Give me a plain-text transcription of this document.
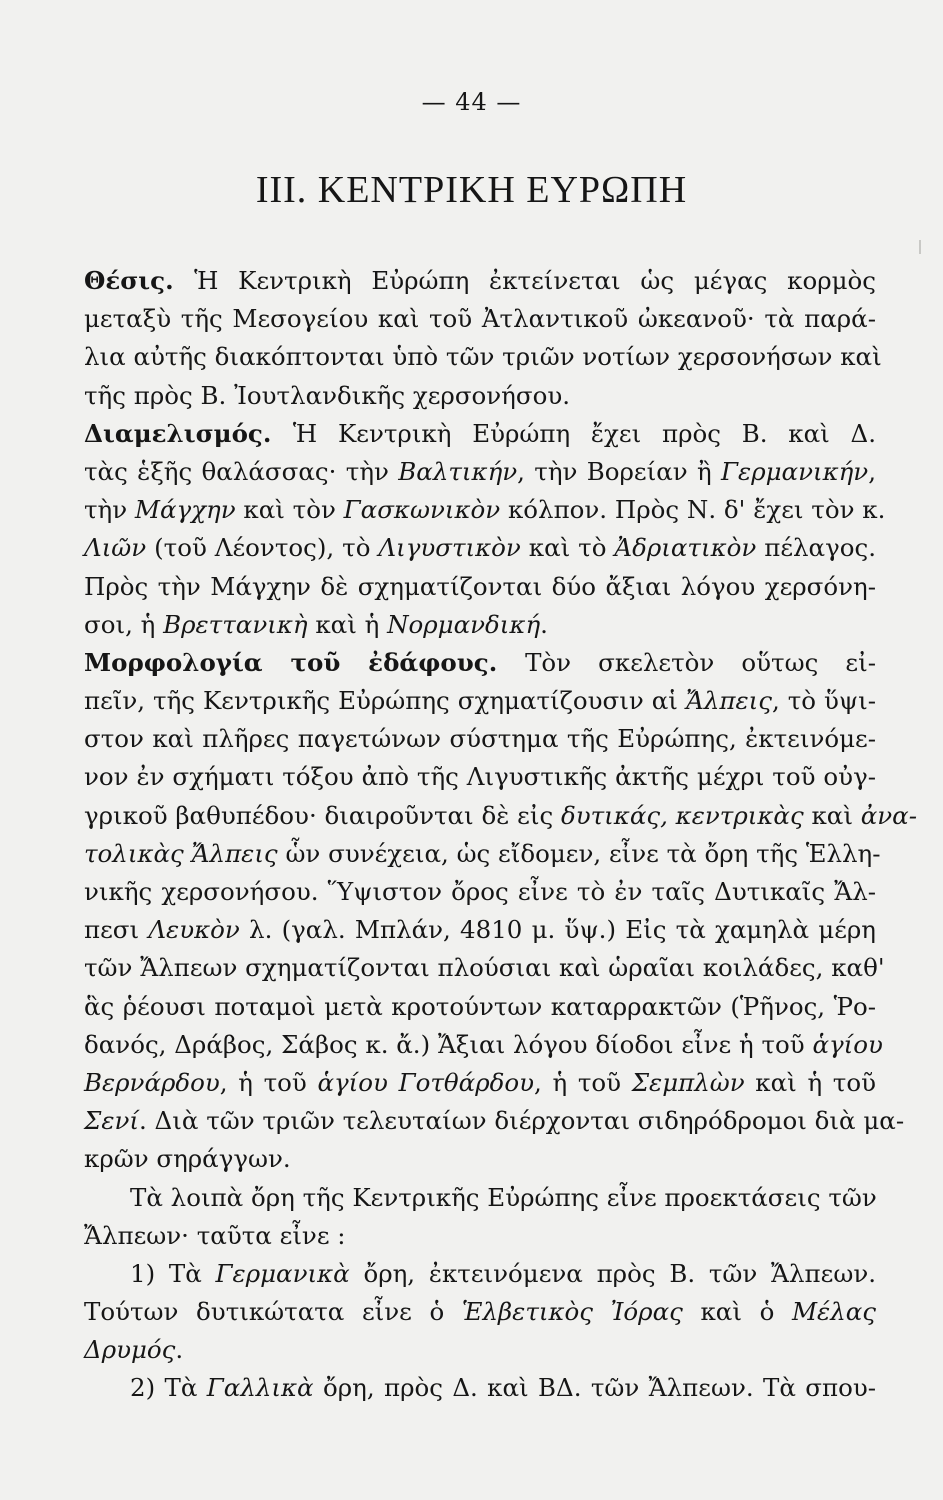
— 44 —
III. ΚΕΝΤΡΙΚΗ ΕΥΡΩΠΗ
Θέσις. Ἡ Κεντρικὴ Εὐρώπη ἐκτείνεται ὡς μέγας κορμὸς
μεταξὺ τῆς Μεσογείου καὶ τοῦ Ἀτλαντικοῦ ὠκεανοῦ· τὰ παρά-
λια αὐτῆς διακόπτονται ὑπὸ τῶν τριῶν νοτίων χερσονήσων καὶ
τῆς πρὸς Β. Ἰουτλανδικῆς χερσονήσου.
Διαμελισμός. Ἡ Κεντρικὴ Εὐρώπη ἔχει πρὸς Β. καὶ Δ.
τὰς ἑξῆς θαλάσσας· τὴν Βαλτικήν, τὴν Βορείαν ἢ Γερμανικήν,
τὴν Μάγχην καὶ τὸν Γασκωνικὸν κόλπον. Πρὸς Ν. δ' ἔχει τὸν κ.
Λιῶν (τοῦ Λέοντος), τὸ Λιγυστικὸν καὶ τὸ Ἀδριατικὸν πέλαγος.
Πρὸς τὴν Μάγχην δὲ σχηματίζονται δύο ἄξιαι λόγου χερσόνη-
σοι, ἡ Βρεττανικὴ καὶ ἡ Νορμανδική.
Μορφολογία τοῦ ἐδάφους. Τὸν σκελετὸν οὕτως εἰ-
πεῖν, τῆς Κεντρικῆς Εὐρώπης σχηματίζουσιν αἱ Ἄλπεις, τὸ ὕψι-
στον καὶ πλῆρες παγετώνων σύστημα τῆς Εὐρώπης, ἐκτεινόμε-
νον ἐν σχήματι τόξου ἀπὸ τῆς Λιγυστικῆς ἀκτῆς μέχρι τοῦ οὐγ-
γρικοῦ βαθυπέδου· διαιροῦνται δὲ εἰς δυτικάς, κεντρικὰς καὶ ἀνα-
τολικὰς Ἄλπεις ὧν συνέχεια, ὡς εἴδομεν, εἶνε τὰ ὄρη τῆς Ἑλλη-
νικῆς χερσονήσου. Ὕψιστον ὄρος εἶνε τὸ ἐν ταῖς Δυτικαῖς Ἄλ-
πεσι Λευκὸν λ. (γαλ. Μπλάν, 4810 μ. ὕψ.) Εἰς τὰ χαμηλὰ μέρη
τῶν Ἄλπεων σχηματίζονται πλούσιαι καὶ ὡραῖαι κοιλάδες, καθ'
ἃς ῥέουσι ποταμοὶ μετὰ κροτούντων καταρρακτῶν (Ῥῆνος, Ῥο-
δανός, Δράβος, Σάβος κ. ἄ.) Ἄξιαι λόγου δίοδοι εἶνε ἡ τοῦ ἁγίου
Βερνάρδου, ἡ τοῦ ἁγίου Γοτθάρδου, ἡ τοῦ Σεμπλὼν καὶ ἡ τοῦ
Σενί. Διὰ τῶν τριῶν τελευταίων διέρχονται σιδηρόδρομοι διὰ μα-
κρῶν σηράγγων.
Τὰ λοιπὰ ὄρη τῆς Κεντρικῆς Εὐρώπης εἶνε προεκτάσεις τῶν
Ἄλπεων· ταῦτα εἶνε :
1) Τὰ Γερμανικὰ ὄρη, ἐκτεινόμενα πρὸς Β. τῶν Ἄλπεων.
Τούτων δυτικώτατα εἶνε ὁ Ἑλβετικὸς Ἰόρας καὶ ὁ Μέλας
Δρυμός.
2) Τὰ Γαλλικὰ ὄρη, πρὸς Δ. καὶ ΒΔ. τῶν Ἄλπεων. Τὰ σπου-
